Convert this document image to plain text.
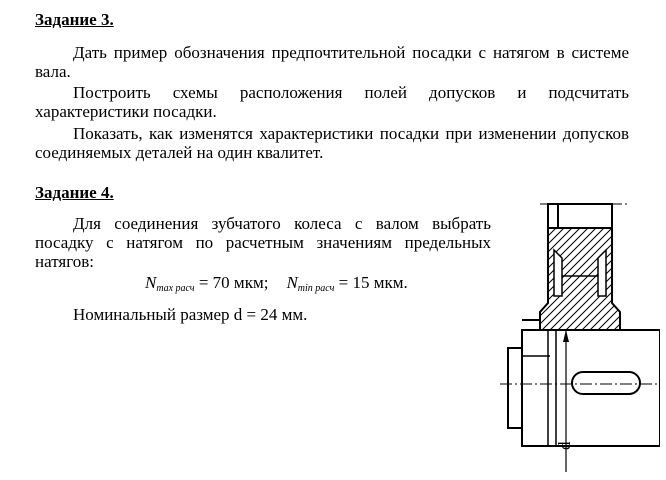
Задание 3.

Дать пример обозначения предпочтительной посадки с натягом в системе вала.

Построить схемы расположения полей допусков и подсчитать характеристики посадки.

Показать, как изменятся характеристики посадки при изменении допусков соединяемых деталей на один квалитет.

Задание 4.

Для соединения зубчатого колеса с валом выбрать посадку с натягом по расчетным значениям предельных натягов:

$N_{max расч} = 70$ мкм; $N_{min расч} = 15$ мкм.

Номинальный размер d = 24 мм.

d
